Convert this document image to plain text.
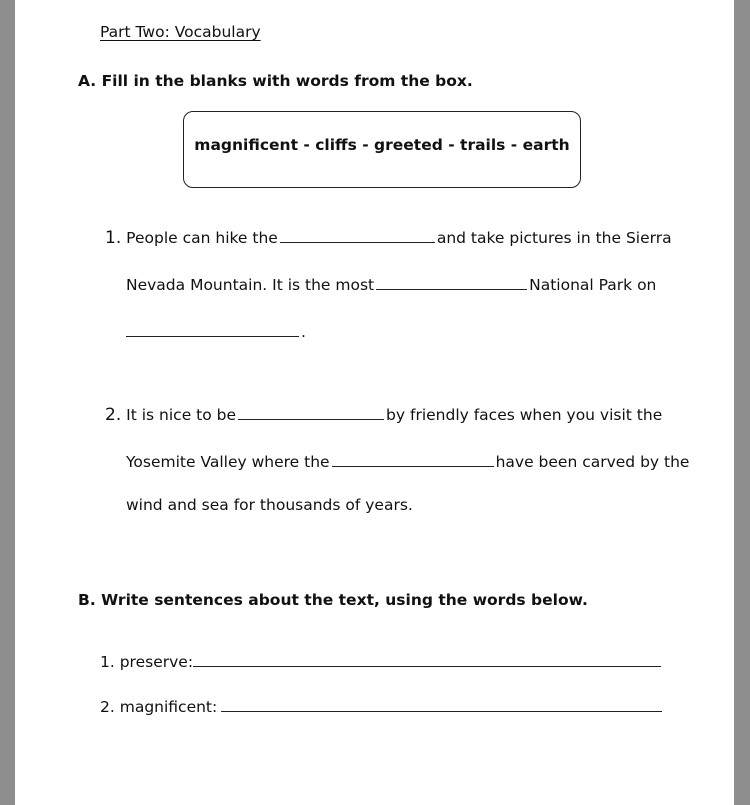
Part Two: Vocabulary
A. Fill in the blanks with words from the box.
magnificent - cliffs - greeted - trails - earth
1. People can hike the	and take pictures in the Sierra
Nevada Mountain. It is the most	National Park on
.
2. It is nice to be	by friendly faces when you visit the
Yosemite Valley where the	have been carved by the
wind and sea for thousands of years.
B. Write sentences about the text, using the words below.
1. preserve:
2. magnificent:
